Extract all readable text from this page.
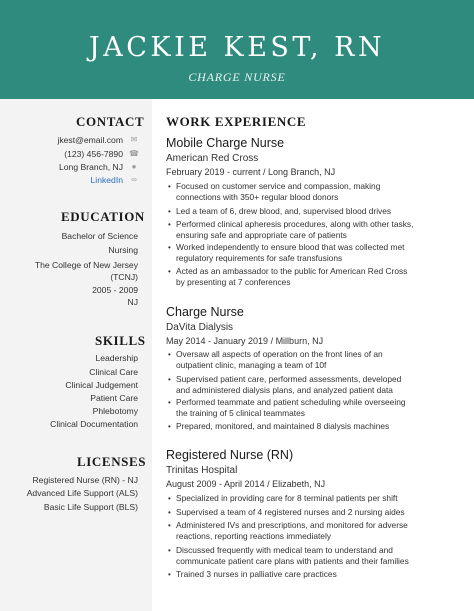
JACKIE KEST, RN
CHARGE NURSE
CONTACT
jkest@email.com ✉
(123) 456-7890 ☎
Long Branch, NJ	●
LinkedIn ∞
EDUCATION
Bachelor of Science
Nursing
The College of New Jersey
(TCNJ)
2005 - 2009
NJ
SKILLS
Leadership
Clinical Care
Clinical Judgement
Patient Care
Phlebotomy
Clinical Documentation
LICENSES
Registered Nurse (RN) - NJ
Advanced Life Support (ALS)
Basic Life Support (BLS)
WORK EXPERIENCE
Mobile Charge Nurse
American Red Cross
February 2019 - current / Long Branch, NJ
• Focused on customer service and compassion, making
connections with 350+ regular blood donors
• Led a team of 6, drew blood, and, supervised blood drives
• Performed clinical apheresis procedures, along with other tasks,
ensuring safe and appropriate care of patients
• Worked independently to ensure blood that was collected met
regulatory requirements for safe transfusions
• Acted as an ambassador to the public for American Red Cross
by presenting at 7 conferences
Charge Nurse
DaVita Dialysis
May 2014 - January 2019 / Millburn, NJ
• Oversaw all aspects of operation on the front lines of an
outpatient clinic, managing a team of 10f
• Supervised patient care, performed assessments, developed
and administered dialysis plans, and analyzed patient data
• Performed teammate and patient scheduling while overseeing
the training of 5 clinical teammates
• Prepared, monitored, and maintained 8 dialysis machines
Registered Nurse (RN)
Trinitas Hospital
August 2009 - April 2014 / Elizabeth, NJ
• Specialized in providing care for 8 terminal patients per shift
• Supervised a team of 4 registered nurses and 2 nursing aides
• Administered IVs and prescriptions, and monitored for adverse
reactions, reporting reactions immediately
• Discussed frequently with medical team to understand and
communicate patient care plans with patients and their families
• Trained 3 nurses in palliative care practices
